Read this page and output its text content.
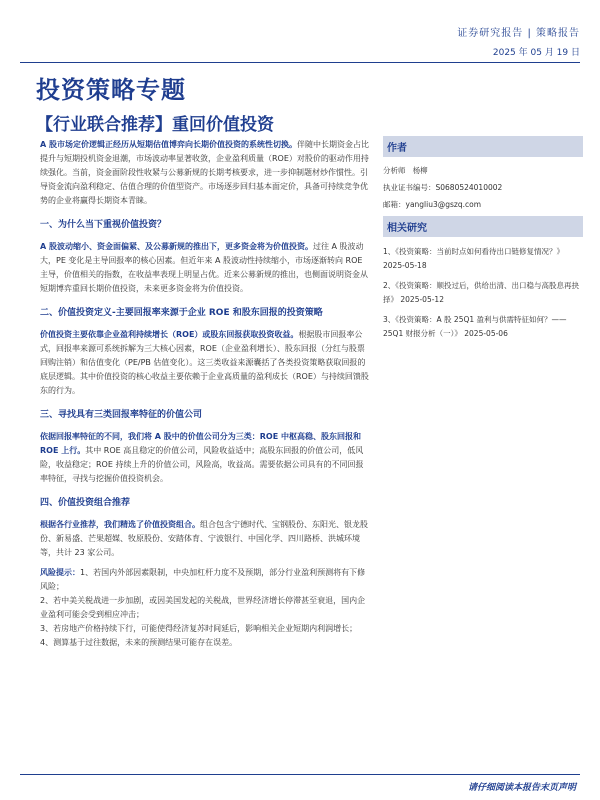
证券研究报告 | 策略报告
2025 年 05 月 19 日
投资策略专题
【行业联合推荐】重回价值投资

A 股市场定价逻辑正经历从短期估值博弈向长期价值投资的系统性切换。伴随中长期资金占比提升与短期投机资金退潮，市场波动率显著收敛，企业盈利质量（ROE）对股价的驱动作用持续强化。当前，资金面阶段性收紧与公募新规的长期考核要求，进一步抑制题材炒作惯性。引导资金流向盈利稳定、估值合理的价值型资产。市场逐步回归基本面定价，具备可持续竞争优势的企业将赢得长期资本青睐。

一、为什么当下重视价值投资？

A 股波动缩小、资金面偏紧、及公募新规的推出下，更多资金将为价值投资。过往 A 股波动大，PE 变化是主导回报率的核心因素。但近年来 A 股波动性持续缩小，市场逐渐转向 ROE 主导，价值相关的指数，在收益率表现上明显占优。近来公募新规的推出，也侧面说明资金从短期博弈重回长期价值投资，未来更多资金将为价值投资。

二、价值投资定义-主要回报率来源于企业 ROE 和股东回报的投资策略

价值投资主要依靠企业盈利持续增长（ROE）或股东回报获取投资收益。根据股市回报率公式，回报率来源可系统拆解为三大核心因素，ROE（企业盈利增长）、股东回报（分红与股票回购注销）和估值变化（PE/PB 估值变化）。这三类收益来源囊括了各类投资策略获取回报的底层逻辑。其中价值投资的核心收益主要依赖于企业高质量的盈利成长（ROE）与持续回馈股东的行为。

三、寻找具有三类回报率特征的价值公司

依据回报率特征的不同，我们将 A 股中的价值公司分为三类：ROE 中枢高稳、股东回报和 ROE 上行。其中 ROE 高且稳定的价值公司，风险收益适中；高股东回报的价值公司，低风险，收益稳定；ROE 持续上升的价值公司，风险高，收益高。需要依据公司具有的不同回报率特征，寻找与挖掘价值投资机会。

四、价值投资组合推荐

根据各行业推荐，我们精选了价值投资组合。组合包含宁德时代、宝钢股份、东阳光、银龙股份、新易盛、芒果超媒、牧原股份、安踏体育、宁波银行、中国化学、四川路桥、洪城环境等，共计 23 家公司。

风险提示：1、若国内外部因素限制，中央加杠杆力度不及预期，部分行业盈利预测将有下修风险；
2、若中美关税战进一步加剧，或因美国发起的关税战，世界经济增长停滞甚至衰退，国内企业盈利可能会受到相应冲击；
3、若房地产价格持续下行，可能使得经济复苏时间延后，影响相关企业短期内利润增长；
4、测算基于过往数据，未来的预测结果可能存在误差。
作者
分析师 杨柳
执业证书编号：S0680524010002
邮箱：yangliu3@gszq.com
相关研究
1、《投资策略：当前时点如何看待出口链修复情况？》
2025-05-18
2、《投资策略：顺投过后，供给出清、出口稳与高股息再抉择》 2025-05-12
3、《投资策略：A 股 25Q1 盈利与供需特征如何？——25Q1 财报分析（一）》 2025-05-06
请仔细阅读本报告末页声明
